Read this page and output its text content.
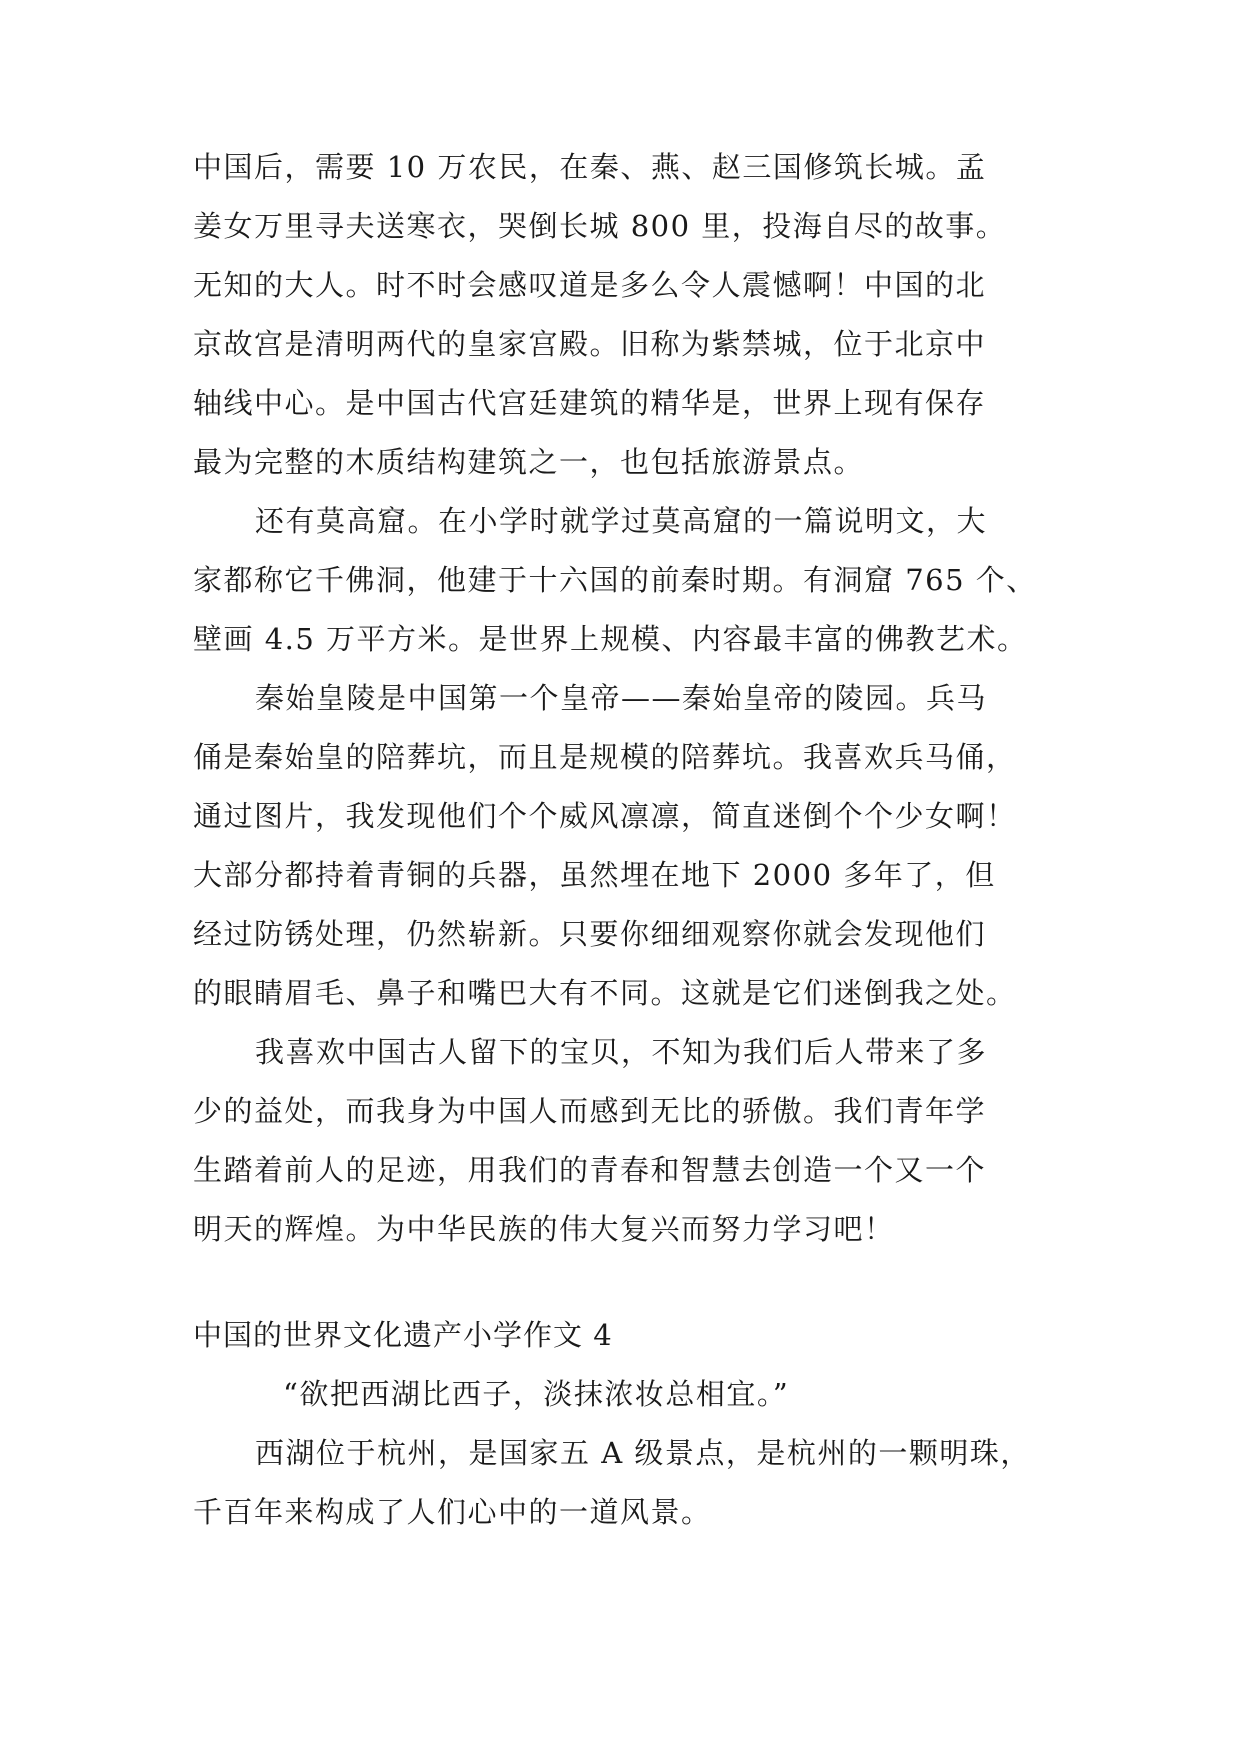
中国后，需要 10 万农民，在秦、燕、赵三国修筑长城。孟
姜女万里寻夫送寒衣，哭倒长城 800 里，投海自尽的故事。
无知的大人。时不时会感叹道是多么令人震憾啊！中国的北
京故宫是清明两代的皇家宫殿。旧称为紫禁城，位于北京中
轴线中心。是中国古代宫廷建筑的精华是，世界上现有保存
最为完整的木质结构建筑之一，也包括旅游景点。
还有莫高窟。在小学时就学过莫高窟的一篇说明文，大
家都称它千佛洞，他建于十六国的前秦时期。有洞窟 765 个、
壁画 4.5 万平方米。是世界上规模、内容最丰富的佛教艺术。
秦始皇陵是中国第一个皇帝——秦始皇帝的陵园。兵马
俑是秦始皇的陪葬坑，而且是规模的陪葬坑。我喜欢兵马俑，
通过图片，我发现他们个个威风凛凛，简直迷倒个个少女啊！
大部分都持着青铜的兵器，虽然埋在地下 2000 多年了，但
经过防锈处理，仍然崭新。只要你细细观察你就会发现他们
的眼睛眉毛、鼻子和嘴巴大有不同。这就是它们迷倒我之处。
我喜欢中国古人留下的宝贝，不知为我们后人带来了多
少的益处，而我身为中国人而感到无比的骄傲。我们青年学
生踏着前人的足迹，用我们的青春和智慧去创造一个又一个
明天的辉煌。为中华民族的伟大复兴而努力学习吧！
中国的世界文化遗产小学作文 4
“欲把西湖比西子，淡抹浓妆总相宜。”
西湖位于杭州，是国家五 A 级景点，是杭州的一颗明珠，
千百年来构成了人们心中的一道风景。
